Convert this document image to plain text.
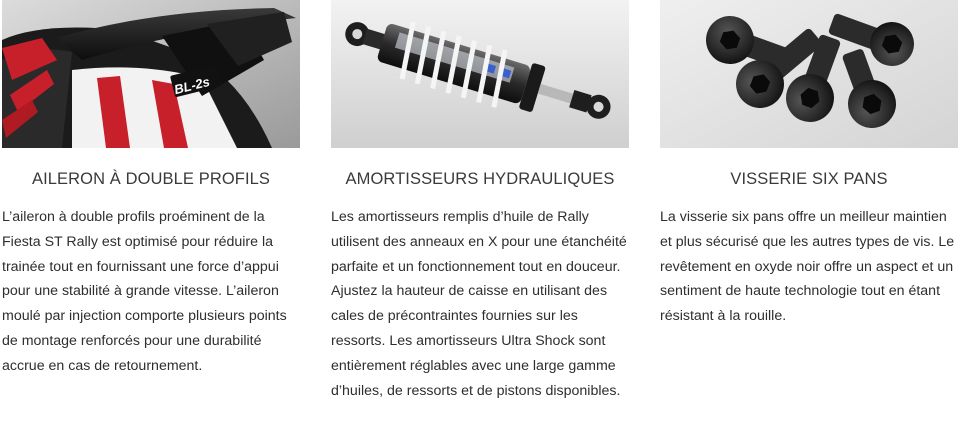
BL-2s
AILERON À DOUBLE PROFILS

L’aileron à double profils proéminent de la Fiesta ST Rally est optimisé pour réduire la trainée tout en fournissant une force d’appui pour une stabilité à grande vitesse. L’aileron moulé par injection comporte plusieurs points de montage renforcés pour une durabilité accrue en cas de retournement.

AMORTISSEURS HYDRAULIQUES

Les amortisseurs remplis d’huile de Rally utilisent des anneaux en X pour une étanchéité parfaite et un fonctionnement tout en douceur. Ajustez la hauteur de caisse en utilisant des cales de précontraintes fournies sur les ressorts. Les amortisseurs Ultra Shock sont entièrement réglables avec une large gamme d’huiles, de ressorts et de pistons disponibles.

VISSERIE SIX PANS

La visserie six pans offre un meilleur maintien et plus sécurisé que les autres types de vis. Le revêtement en oxyde noir offre un aspect et un sentiment de haute technologie tout en étant résistant à la rouille.
